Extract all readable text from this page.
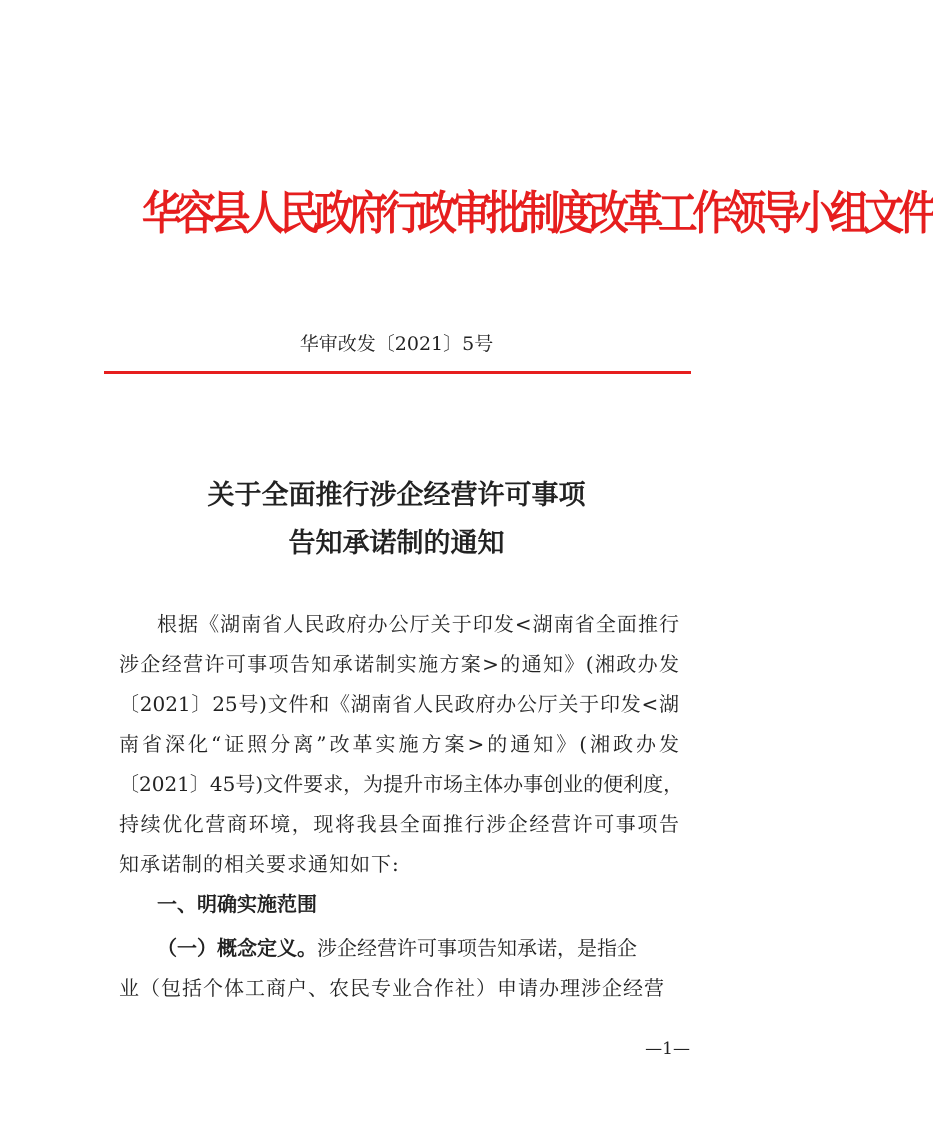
华容县人民政府行政审批制度改革工作领导小组文件
华审改发〔2021〕5号
关于全面推行涉企经营许可事项
告知承诺制的通知
根据《湖南省人民政府办公厅关于印发<湖南省全面推行
涉企经营许可事项告知承诺制实施方案>的通知》(湘政办发
〔2021〕25号)文件和《湖南省人民政府办公厅关于印发<湖
南省深化“证照分离”改革实施方案>的通知》(湘政办发
〔2021〕45号)文件要求，为提升市场主体办事创业的便利度，
持续优化营商环境，现将我县全面推行涉企经营许可事项告
知承诺制的相关要求通知如下:
一、明确实施范围
（一）概念定义。涉企经营许可事项告知承诺，是指企
业（包括个体工商户、农民专业合作社）申请办理涉企经营
—1—
